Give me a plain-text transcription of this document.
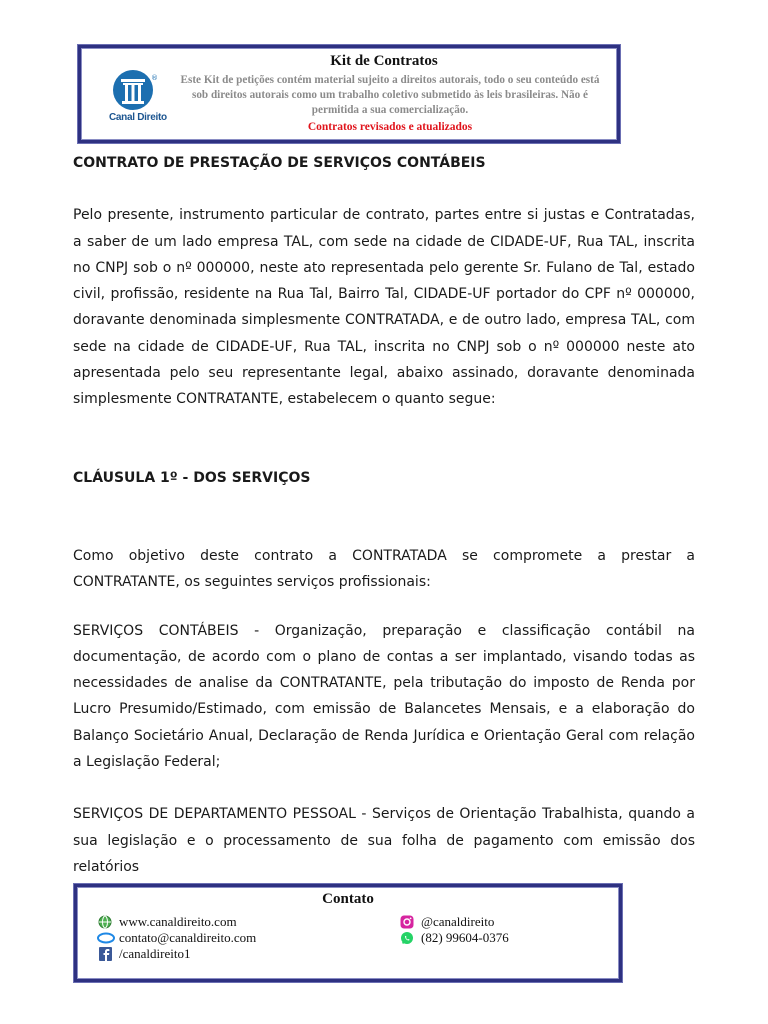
®
Canal Direito
Kit de Contratos
Este Kit de petições contém material sujeito a direitos autorais, todo o seu conteúdo está sob direitos autorais como um trabalho coletivo submetido às leis brasileiras. Não é permitida a sua comercialização.
Contratos revisados e atualizados
CONTRATO DE PRESTAÇÃO DE SERVIÇOS CONTÁBEIS

Pelo presente, instrumento particular de contrato, partes entre si justas e Contratadas, a saber de um lado empresa TAL, com sede na cidade de CIDADE-UF, Rua TAL, inscrita no CNPJ sob o nº 000000, neste ato representada pelo gerente Sr. Fulano de Tal, estado civil, profissão, residente na Rua Tal, Bairro Tal, CIDADE-UF portador do CPF nº 000000, doravante denominada simplesmente CONTRATADA, e de outro lado, empresa TAL, com sede na cidade de CIDADE-UF, Rua TAL, inscrita no CNPJ sob o nº 000000 neste ato apresentada pelo seu representante legal, abaixo assinado, doravante denominada simplesmente CONTRATANTE, estabelecem o quanto segue:

CLÁUSULA 1º - DOS SERVIÇOS

Como objetivo deste contrato a CONTRATADA se compromete a prestar a CONTRATANTE, os seguintes serviços profissionais:

SERVIÇOS CONTÁBEIS - Organização, preparação e classificação contábil na documentação, de acordo com o plano de contas a ser implantado, visando todas as necessidades de analise da CONTRATANTE, pela tributação do imposto de Renda por Lucro Presumido/Estimado, com emissão de Balancetes Mensais, e a elaboração do Balanço Societário Anual, Declaração de Renda Jurídica e Orientação Geral com relação a Legislação Federal;

SERVIÇOS DE DEPARTAMENTO PESSOAL - Serviços de Orientação Trabalhista, quando a sua legislação e o processamento de sua folha de pagamento com emissão dos relatórios

Contato
www.canaldireito.com
contato@canaldireito.com
/canaldireito1
@canaldireito
(82) 99604-0376
